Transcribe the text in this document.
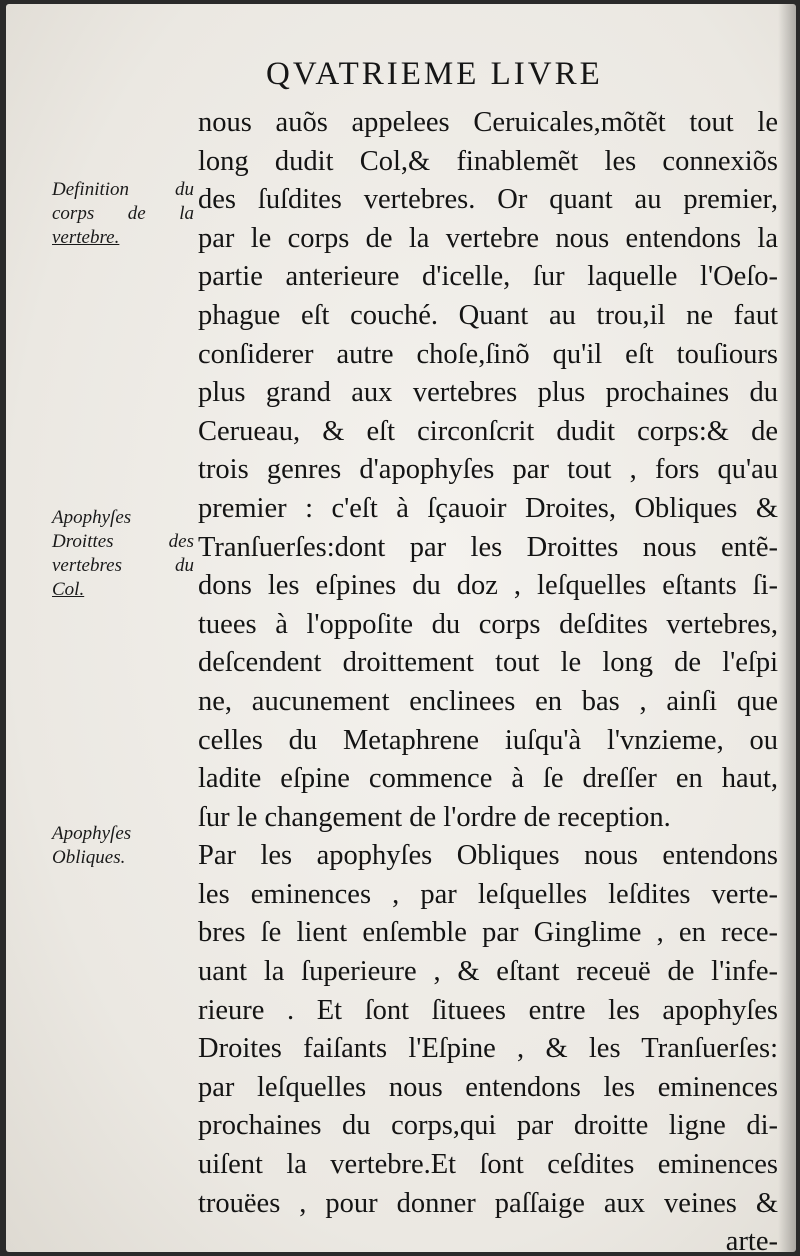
QVATRIEME LIVRE
nous auõs appelees Ceruicales,mõtẽt tout le
long dudit Col,& finablemẽt les connexiõs
des ſuſdites vertebres. Or quant au premier,
par le corps de la vertebre nous entendons la
partie anterieure d'icelle, ſur laquelle l'Oeſo-
phague eſt couché. Quant au trou,il ne faut
conſiderer autre choſe,ſinõ qu'il eſt touſiours
plus grand aux vertebres plus prochaines du
Cerueau, & eſt circonſcrit dudit corps:& de
trois genres d'apophyſes par tout , fors qu'au
premier : c'eſt à ſçauoir Droites, Obliques &
Tranſuerſes:dont par les Droittes nous entẽ-
dons les eſpines du doz , leſquelles eſtants ſi-
tuees à l'oppoſite du corps deſdites vertebres,
deſcendent droittement tout le long de l'eſpi
ne, aucunement enclinees en bas , ainſi que
celles du Metaphrene iuſqu'à l'vnzieme, ou
ladite eſpine commence à ſe dreſſer en haut,
ſur le changement de l'ordre de reception.
Par les apophyſes Obliques nous entendons
les eminences , par leſquelles leſdites verte-
bres ſe lient enſemble par Ginglime , en rece-
uant la ſuperieure , & eſtant receuë de l'infe-
rieure . Et ſont ſituees entre les apophyſes
Droites faiſants l'Eſpine , & les Tranſuerſes:
par leſquelles nous entendons les eminences
prochaines du corps,qui par droitte ligne di-
uiſent la vertebre.Et ſont ceſdites eminences
trouëes , pour donner paſſaige aux veines &
arte-
Definition du
corps de la
vertebre.
Apophyſes
Droittes des
vertebres du
Col.
Apophyſes
Obliques.
